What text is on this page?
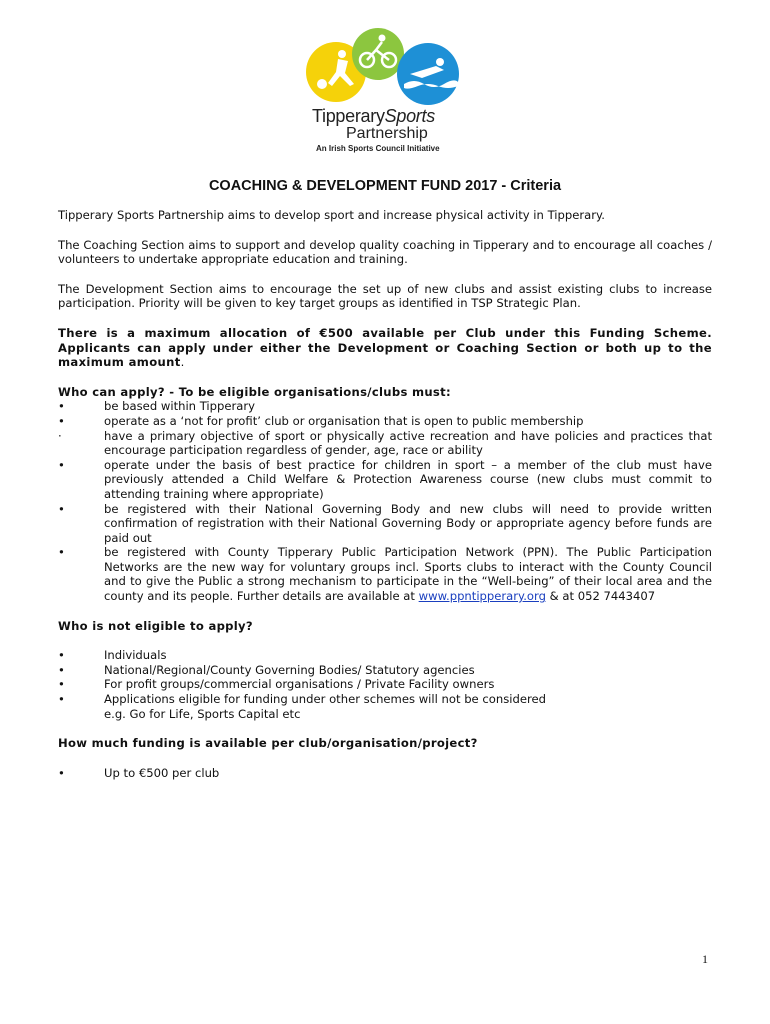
TipperarySports
Partnership
An Irish Sports Council Initiative
COACHING & DEVELOPMENT FUND 2017 - Criteria

Tipperary Sports Partnership aims to develop sport and increase physical activity in Tipperary.

The Coaching Section aims to support and develop quality coaching in Tipperary and to encourage all coaches / volunteers to undertake appropriate education and training.

The Development Section aims to encourage the set up of new clubs and assist existing clubs to increase participation. Priority will be given to key target groups as identified in TSP Strategic Plan.

There is a maximum allocation of €500 available per Club under this Funding Scheme. Applicants can apply under either the Development or Coaching Section or both up to the maximum amount.

Who can apply? - To be eligible organisations/clubs must:
•	be based within Tipperary
•	operate as a ‘not for profit’ club or organisation that is open to public membership
·	have a primary objective of sport or physically active recreation and have policies and practices that encourage participation regardless of gender, age, race or ability
•	operate under the basis of best practice for children in sport – a member of the club must have previously attended a Child Welfare & Protection Awareness course (new clubs must commit to attending training where appropriate)
•	be registered with their National Governing Body and new clubs will need to provide written confirmation of registration with their National Governing Body or appropriate agency before funds are paid out
•	be registered with County Tipperary Public Participation Network (PPN). The Public Participation Networks are the new way for voluntary groups incl. Sports clubs to interact with the County Council and to give the Public a strong mechanism to participate in the “Well-being” of their local area and the county and its people. Further details are available at www.ppntipperary.org & at 052 7443407
Who is not eligible to apply?
•	Individuals
•	National/Regional/County Governing Bodies/ Statutory agencies
•	For profit groups/commercial organisations / Private Facility owners
•	Applications eligible for funding under other schemes will not be considered
e.g. Go for Life, Sports Capital etc
How much funding is available per club/organisation/project?
•	Up to €500 per club
1
